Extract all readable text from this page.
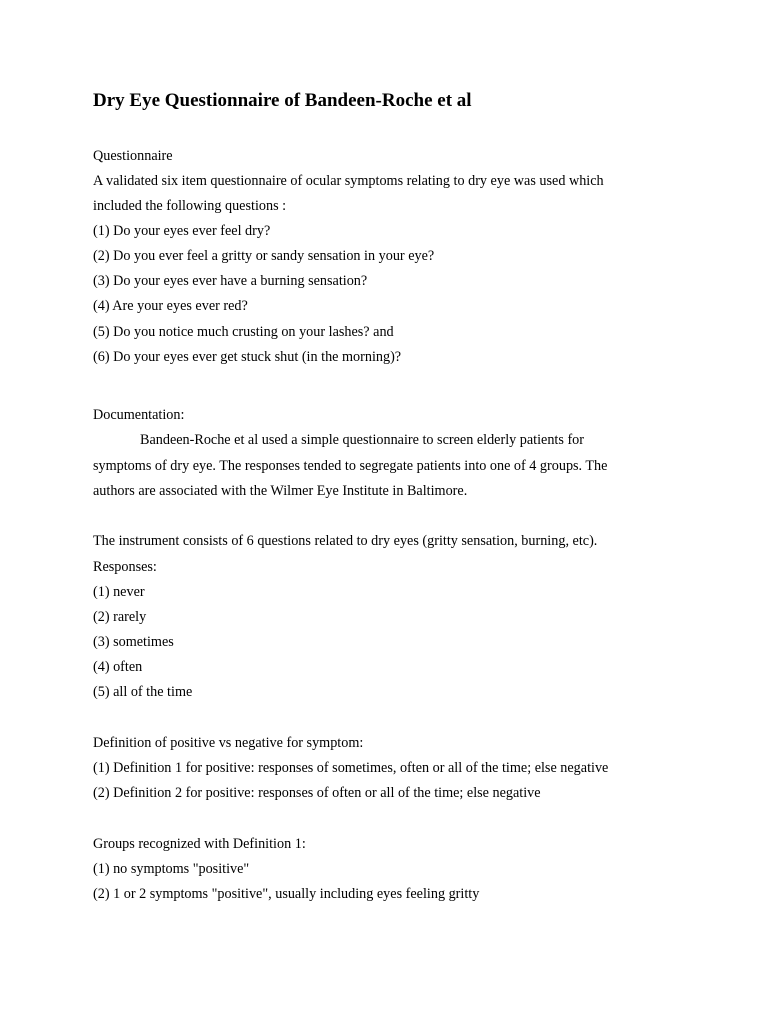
Dry Eye Questionnaire of Bandeen-Roche et al
Questionnaire
A validated six item questionnaire of ocular symptoms relating to dry eye was used which
included the following questions :
(1) Do your eyes ever feel dry?
(2) Do you ever feel a gritty or sandy sensation in your eye?
(3) Do your eyes ever have a burning sensation?
(4) Are your eyes ever red?
(5) Do you notice much crusting on your lashes? and
(6) Do your eyes ever get stuck shut (in the morning)?
Documentation:
Bandeen-Roche et al used a simple questionnaire to screen elderly patients for
symptoms of dry eye. The responses tended to segregate patients into one of 4 groups. The
authors are associated with the Wilmer Eye Institute in Baltimore.
The instrument consists of 6 questions related to dry eyes (gritty sensation, burning, etc).
Responses:
(1) never
(2) rarely
(3) sometimes
(4) often
(5) all of the time
Definition of positive vs negative for symptom:
(1) Definition 1 for positive: responses of sometimes, often or all of the time; else negative
(2) Definition 2 for positive: responses of often or all of the time; else negative
Groups recognized with Definition 1:
(1) no symptoms "positive"
(2) 1 or 2 symptoms "positive", usually including eyes feeling gritty
